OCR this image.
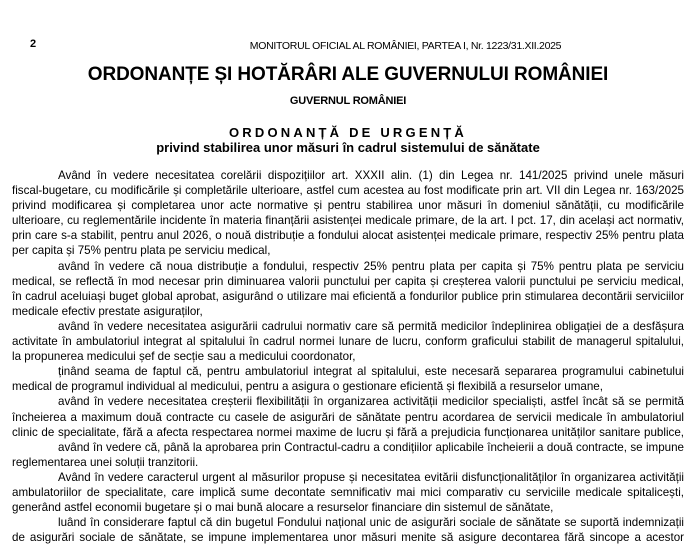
2	MONITORUL OFICIAL AL ROMÂNIEI, PARTEA I, Nr. 1223/31.XII.2025
ORDONANȚE ȘI HOTĂRÂRI ALE GUVERNULUI ROMÂNIEI
GUVERNUL ROMÂNIEI
ORDONANȚĂ DE URGENȚĂ
privind stabilirea unor măsuri în cadrul sistemului de sănătate
Având în vedere necesitatea corelării dispozițiilor art. XXXII alin. (1) din Legea nr. 141/2025 privind unele măsuri
fiscal-bugetare, cu modificările și completările ulterioare, astfel cum acestea au fost modificate prin art. VII din Legea nr. 163/2025
privind modificarea și completarea unor acte normative și pentru stabilirea unor măsuri în domeniul sănătății, cu modificările
ulterioare, cu reglementările incidente în materia finanțării asistenței medicale primare, de la art. I pct. 17, din același act normativ,
prin care s-a stabilit, pentru anul 2026, o nouă distribuție a fondului alocat asistenței medicale primare, respectiv 25% pentru plata
per capita și 75% pentru plata pe serviciu medical,
având în vedere că noua distribuție a fondului, respectiv 25% pentru plata per capita și 75% pentru plata pe serviciu
medical, se reflectă în mod necesar prin diminuarea valorii punctului per capita și creșterea valorii punctului pe serviciu medical,
în cadrul aceluiași buget global aprobat, asigurând o utilizare mai eficientă a fondurilor publice prin stimularea decontării serviciilor
medicale efectiv prestate asiguraților,
având în vedere necesitatea asigurării cadrului normativ care să permită medicilor îndeplinirea obligației de a desfășura
activitate în ambulatoriul integrat al spitalului în cadrul normei lunare de lucru, conform graficului stabilit de managerul spitalului,
la propunerea medicului șef de secție sau a medicului coordonator,
ținând seama de faptul că, pentru ambulatoriul integrat al spitalului, este necesară separarea programului cabinetului
medical de programul individual al medicului, pentru a asigura o gestionare eficientă și flexibilă a resurselor umane,
având în vedere necesitatea creșterii flexibilității în organizarea activității medicilor specialiști, astfel încât să se permită
încheierea a maximum două contracte cu casele de asigurări de sănătate pentru acordarea de servicii medicale în ambulatoriul
clinic de specialitate, fără a afecta respectarea normei maxime de lucru și fără a prejudicia funcționarea unităților sanitare publice,
având în vedere că, până la aprobarea prin Contractul-cadru a condițiilor aplicabile încheierii a două contracte, se impune
reglementarea unei soluții tranzitorii.
Având în vedere caracterul urgent al măsurilor propuse și necesitatea evitării disfuncționalităților în organizarea activității
ambulatoriilor de specialitate, care implică sume decontate semnificativ mai mici comparativ cu serviciile medicale spitalicești,
generând astfel economii bugetare și o mai bună alocare a resurselor financiare din sistemul de sănătate,
luând în considerare faptul că din bugetul Fondului național unic de asigurări sociale de sănătate se suportă indemnizații
de asigurări sociale de sănătate, se impune implementarea unor măsuri menite să asigure decontarea fără sincope a acestor
